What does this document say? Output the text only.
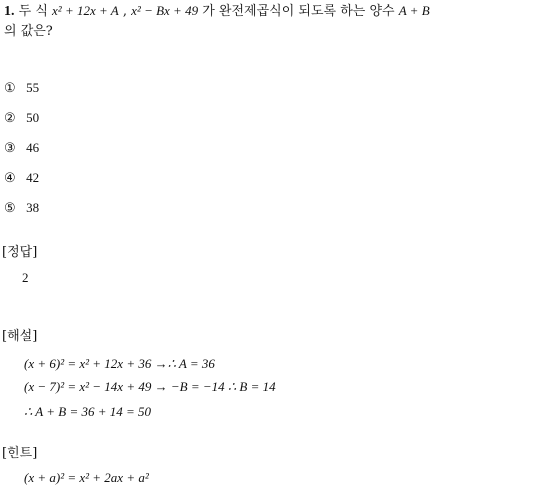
1. 두 식 x² + 12x + A , x² − Bx + 49 가 완전제곱식이 되도록 하는 양수 A + B
의 값은?
① 55
② 50
③ 46
④ 42
⑤ 38
[정답]
2
[해설]
(x + 6)² = x² + 12x + 36 →∴ A = 36
(x − 7)² = x² − 14x + 49 → −B = −14 ∴ B = 14
∴ A + B = 36 + 14 = 50
[힌트]
(x + a)² = x² + 2ax + a²
